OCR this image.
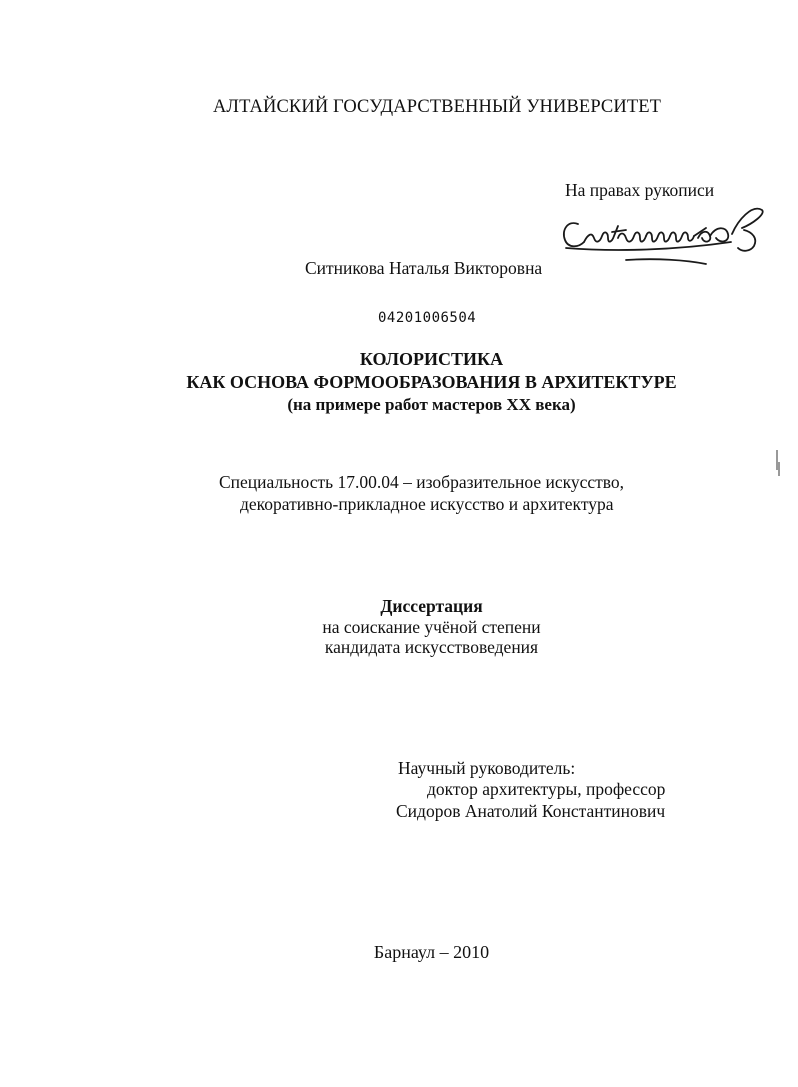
АЛТАЙСКИЙ ГОСУДАРСТВЕННЫЙ УНИВЕРСИТЕТ
На правах рукописи
Ситникова Наталья Викторовна
04201006504
КОЛОРИСТИКА
КАК ОСНОВА ФОРМООБРАЗОВАНИЯ В АРХИТЕКТУРЕ
(на примере работ мастеров XX века)
Специальность 17.00.04 – изобразительное искусство,
декоративно-прикладное искусство и архитектура
Диссертация
на соискание учёной степени
кандидата искусствоведения
Научный руководитель:
доктор архитектуры, профессор
Сидоров Анатолий Константинович
Барнаул – 2010
